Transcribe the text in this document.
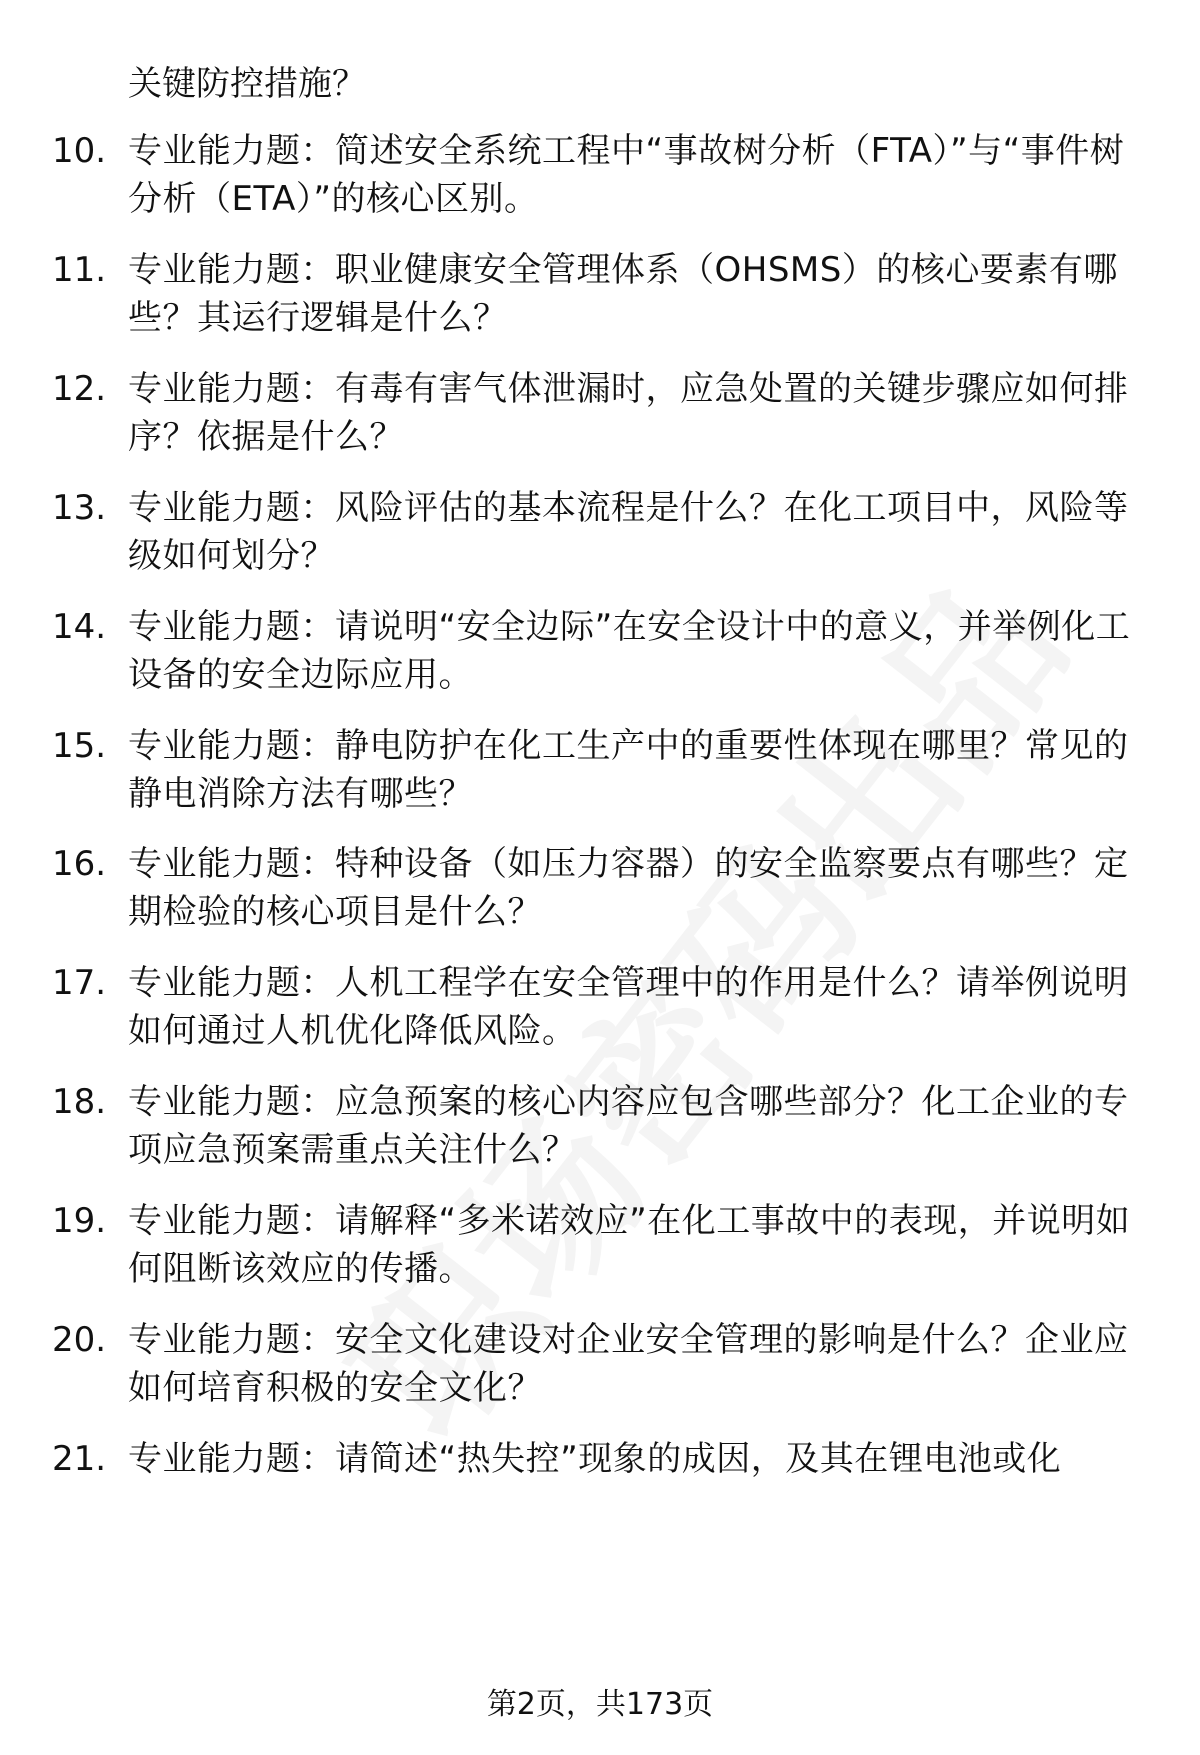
关键防控措施？
10. 专业能力题：简述安全系统工程中“事故树分析（FTA）”与“事件树分析（ETA）”的核心区别。
11. 专业能力题：职业健康安全管理体系（OHSMS）的核心要素有哪些？其运行逻辑是什么？
12. 专业能力题：有毒有害气体泄漏时，应急处置的关键步骤应如何排序？依据是什么？
13. 专业能力题：风险评估的基本流程是什么？在化工项目中，风险等级如何划分？
14. 专业能力题：请说明“安全边际”在安全设计中的意义，并举例化工设备的安全边际应用。
15. 专业能力题：静电防护在化工生产中的重要性体现在哪里？常见的静电消除方法有哪些？
16. 专业能力题：特种设备（如压力容器）的安全监察要点有哪些？定期检验的核心项目是什么？
17. 专业能力题：人机工程学在安全管理中的作用是什么？请举例说明如何通过人机优化降低风险。
18. 专业能力题：应急预案的核心内容应包含哪些部分？化工企业的专项应急预案需重点关注什么？
19. 专业能力题：请解释“多米诺效应”在化工事故中的表现，并说明如何阻断该效应的传播。
20. 专业能力题：安全文化建设对企业安全管理的影响是什么？企业应如何培育积极的安全文化？
21. 专业能力题：请简述“热失控”现象的成因，及其在锂电池或化
第2页，共173页
